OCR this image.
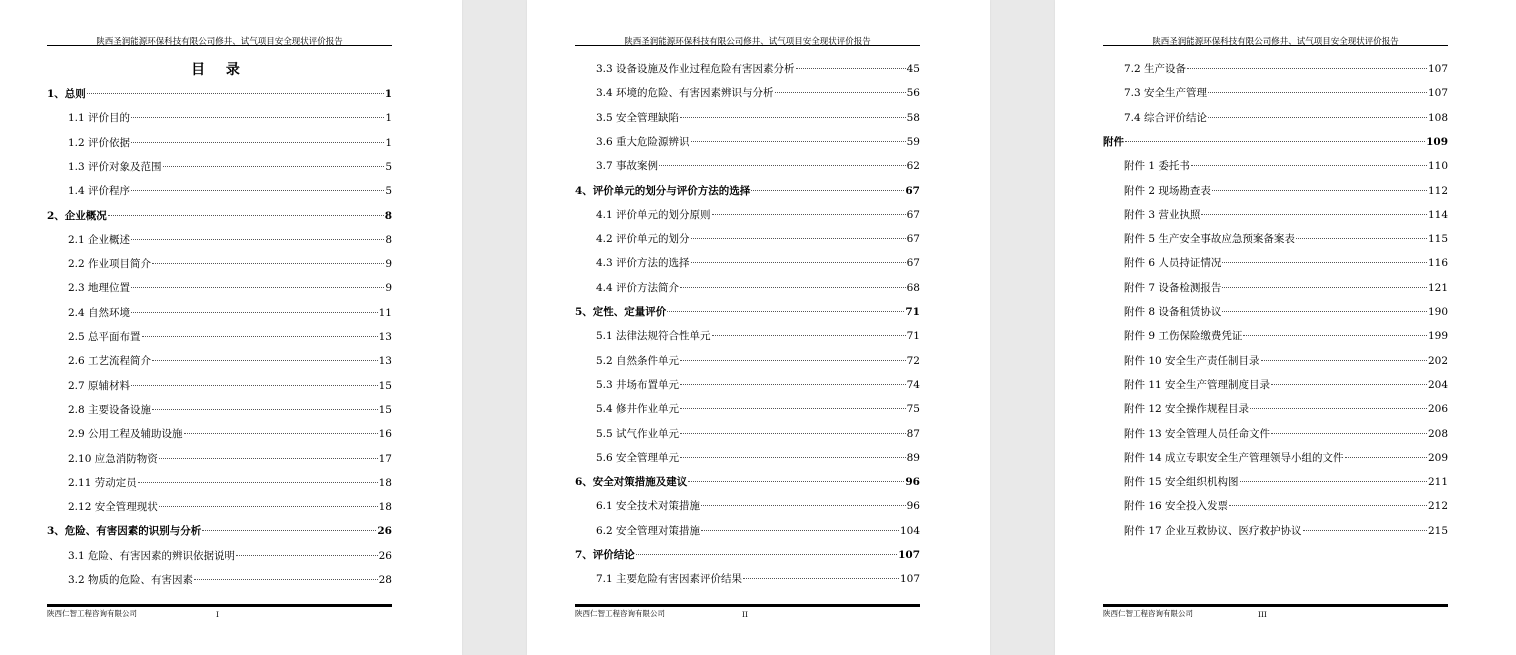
陕西圣润能源环保科技有限公司修井、试气项目安全现状评价报告
目 录
1、总则	1
1.1 评价目的	1
1.2 评价依据	1
1.3 评价对象及范围	5
1.4 评价程序	5
2、企业概况	8
2.1 企业概述	8
2.2 作业项目简介	9
2.3 地理位置	9
2.4 自然环境	11
2.5 总平面布置	13
2.6 工艺流程简介	13
2.7 原辅材料	15
2.8 主要设备设施	15
2.9 公用工程及辅助设施	16
2.10 应急消防物资	17
2.11 劳动定员	18
2.12 安全管理现状	18
3、危险、有害因素的识别与分析	26
3.1 危险、有害因素的辨识依据说明	26
3.2 物质的危险、有害因素	28
陕西仁智工程咨询有限公司	I
陕西圣润能源环保科技有限公司修井、试气项目安全现状评价报告
3.3 设备设施及作业过程危险有害因素分析	45
3.4 环境的危险、有害因素辨识与分析	56
3.5 安全管理缺陷	58
3.6 重大危险源辨识	59
3.7 事故案例	62
4、评价单元的划分与评价方法的选择	67
4.1 评价单元的划分原则	67
4.2 评价单元的划分	67
4.3 评价方法的选择	67
4.4 评价方法简介	68
5、定性、定量评价	71
5.1 法律法规符合性单元	71
5.2 自然条件单元	72
5.3 井场布置单元	74
5.4 修井作业单元	75
5.5 试气作业单元	87
5.6 安全管理单元	89
6、安全对策措施及建议	96
6.1 安全技术对策措施	96
6.2 安全管理对策措施	104
7、评价结论	107
7.1 主要危险有害因素评价结果	107
陕西仁智工程咨询有限公司	II
陕西圣润能源环保科技有限公司修井、试气项目安全现状评价报告
7.2 生产设备	107
7.3 安全生产管理	107
7.4 综合评价结论	108
附件	109
附件 1 委托书	110
附件 2 现场勘查表	112
附件 3 营业执照	114
附件 5 生产安全事故应急预案备案表	115
附件 6 人员持证情况	116
附件 7 设备检测报告	121
附件 8 设备租赁协议	190
附件 9 工伤保险缴费凭证	199
附件 10 安全生产责任制目录	202
附件 11 安全生产管理制度目录	204
附件 12 安全操作规程目录	206
附件 13 安全管理人员任命文件	208
附件 14 成立专职安全生产管理领导小组的文件	209
附件 15 安全组织机构图	211
附件 16 安全投入发票	212
附件 17 企业互救协议、医疗救护协议	215
陕西仁智工程咨询有限公司	III
